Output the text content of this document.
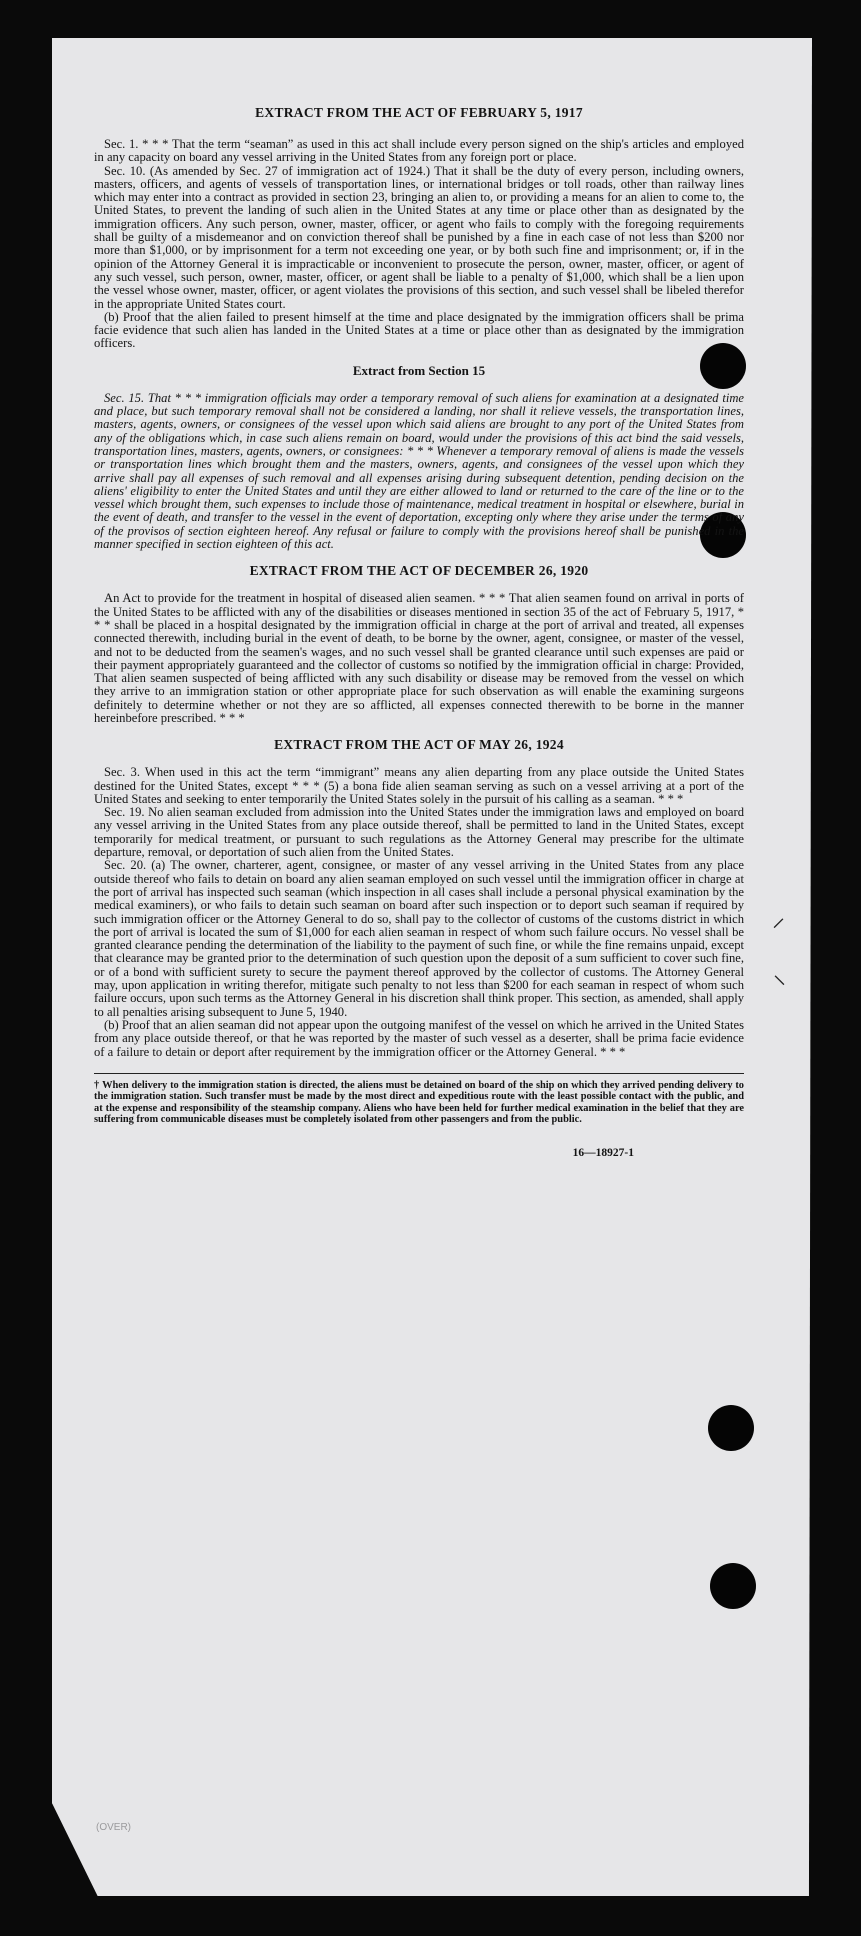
⸝
⸜
EXTRACT FROM THE ACT OF FEBRUARY 5, 1917

Sec. 1. * * * That the term “seaman” as used in this act shall include every person signed on the ship's articles and employed in any capacity on board any vessel arriving in the United States from any foreign port or place.

Sec. 10. (As amended by Sec. 27 of immigration act of 1924.) That it shall be the duty of every person, including owners, masters, officers, and agents of vessels of transportation lines, or international bridges or toll roads, other than railway lines which may enter into a contract as provided in section 23, bringing an alien to, or providing a means for an alien to come to, the United States, to prevent the landing of such alien in the United States at any time or place other than as designated by the immigration officers. Any such person, owner, master, officer, or agent who fails to comply with the foregoing requirements shall be guilty of a misdemeanor and on conviction thereof shall be punished by a fine in each case of not less than $200 nor more than $1,000, or by imprisonment for a term not exceeding one year, or by both such fine and imprisonment; or, if in the opinion of the Attorney General it is impracticable or inconvenient to prosecute the person, owner, master, officer, or agent of any such vessel, such person, owner, master, officer, or agent shall be liable to a penalty of $1,000, which shall be a lien upon the vessel whose owner, master, officer, or agent violates the provisions of this section, and such vessel shall be libeled therefor in the appropriate United States court.

(b) Proof that the alien failed to present himself at the time and place designated by the immigration officers shall be prima facie evidence that such alien has landed in the United States at a time or place other than as designated by the immigration officers.

Extract from Section 15

Sec. 15. That * * * immigration officials may order a temporary removal of such aliens for examination at a designated time and place, but such temporary removal shall not be considered a landing, nor shall it relieve vessels, the transportation lines, masters, agents, owners, or consignees of the vessel upon which said aliens are brought to any port of the United States from any of the obligations which, in case such aliens remain on board, would under the provisions of this act bind the said vessels, transportation lines, masters, agents, owners, or consignees: * * * Whenever a temporary removal of aliens is made the vessels or transportation lines which brought them and the masters, owners, agents, and consignees of the vessel upon which they arrive shall pay all expenses of such removal and all expenses arising during subsequent detention, pending decision on the aliens' eligibility to enter the United States and until they are either allowed to land or returned to the care of the line or to the vessel which brought them, such expenses to include those of maintenance, medical treatment in hospital or elsewhere, burial in the event of death, and transfer to the vessel in the event of deportation, excepting only where they arise under the terms of any of the provisos of section eighteen hereof. Any refusal or failure to comply with the provisions hereof shall be punished in the manner specified in section eighteen of this act.

EXTRACT FROM THE ACT OF DECEMBER 26, 1920

An Act to provide for the treatment in hospital of diseased alien seamen. * * * That alien seamen found on arrival in ports of the United States to be afflicted with any of the disabilities or diseases mentioned in section 35 of the act of February 5, 1917, * * * shall be placed in a hospital designated by the immigration official in charge at the port of arrival and treated, all expenses connected therewith, including burial in the event of death, to be borne by the owner, agent, consignee, or master of the vessel, and not to be deducted from the seamen's wages, and no such vessel shall be granted clearance until such expenses are paid or their payment appropriately guaranteed and the collector of customs so notified by the immigration official in charge: Provided, That alien seamen suspected of being afflicted with any such disability or disease may be removed from the vessel on which they arrive to an immigration station or other appropriate place for such observation as will enable the examining surgeons definitely to determine whether or not they are so afflicted, all expenses connected therewith to be borne in the manner hereinbefore prescribed. * * *

EXTRACT FROM THE ACT OF MAY 26, 1924

Sec. 3. When used in this act the term “immigrant” means any alien departing from any place outside the United States destined for the United States, except * * * (5) a bona fide alien seaman serving as such on a vessel arriving at a port of the United States and seeking to enter temporarily the United States solely in the pursuit of his calling as a seaman. * * *

Sec. 19. No alien seaman excluded from admission into the United States under the immigration laws and employed on board any vessel arriving in the United States from any place outside thereof, shall be permitted to land in the United States, except temporarily for medical treatment, or pursuant to such regulations as the Attorney General may prescribe for the ultimate departure, removal, or deportation of such alien from the United States.

Sec. 20. (a) The owner, charterer, agent, consignee, or master of any vessel arriving in the United States from any place outside thereof who fails to detain on board any alien seaman employed on such vessel until the immigration officer in charge at the port of arrival has inspected such seaman (which inspection in all cases shall include a personal physical examination by the medical examiners), or who fails to detain such seaman on board after such inspection or to deport such seaman if required by such immigration officer or the Attorney General to do so, shall pay to the collector of customs of the customs district in which the port of arrival is located the sum of $1,000 for each alien seaman in respect of whom such failure occurs. No vessel shall be granted clearance pending the determination of the liability to the payment of such fine, or while the fine remains unpaid, except that clearance may be granted prior to the determination of such question upon the deposit of a sum sufficient to cover such fine, or of a bond with sufficient surety to secure the payment thereof approved by the collector of customs. The Attorney General may, upon application in writing therefor, mitigate such penalty to not less than $200 for each seaman in respect of whom such failure occurs, upon such terms as the Attorney General in his discretion shall think proper. This section, as amended, shall apply to all penalties arising subsequent to June 5, 1940.

(b) Proof that an alien seaman did not appear upon the outgoing manifest of the vessel on which he arrived in the United States from any place outside thereof, or that he was reported by the master of such vessel as a deserter, shall be prima facie evidence of a failure to detain or deport after requirement by the immigration officer or the Attorney General. * * *

† When delivery to the immigration station is directed, the aliens must be detained on board of the ship on which they arrived pending delivery to the immigration station. Such transfer must be made by the most direct and expeditious route with the least possible contact with the public, and at the expense and responsibility of the steamship company. Aliens who have been held for further medical examination in the belief that they are suffering from communicable diseases must be completely isolated from other passengers and from the public.
16—18927-1
(OVER)
